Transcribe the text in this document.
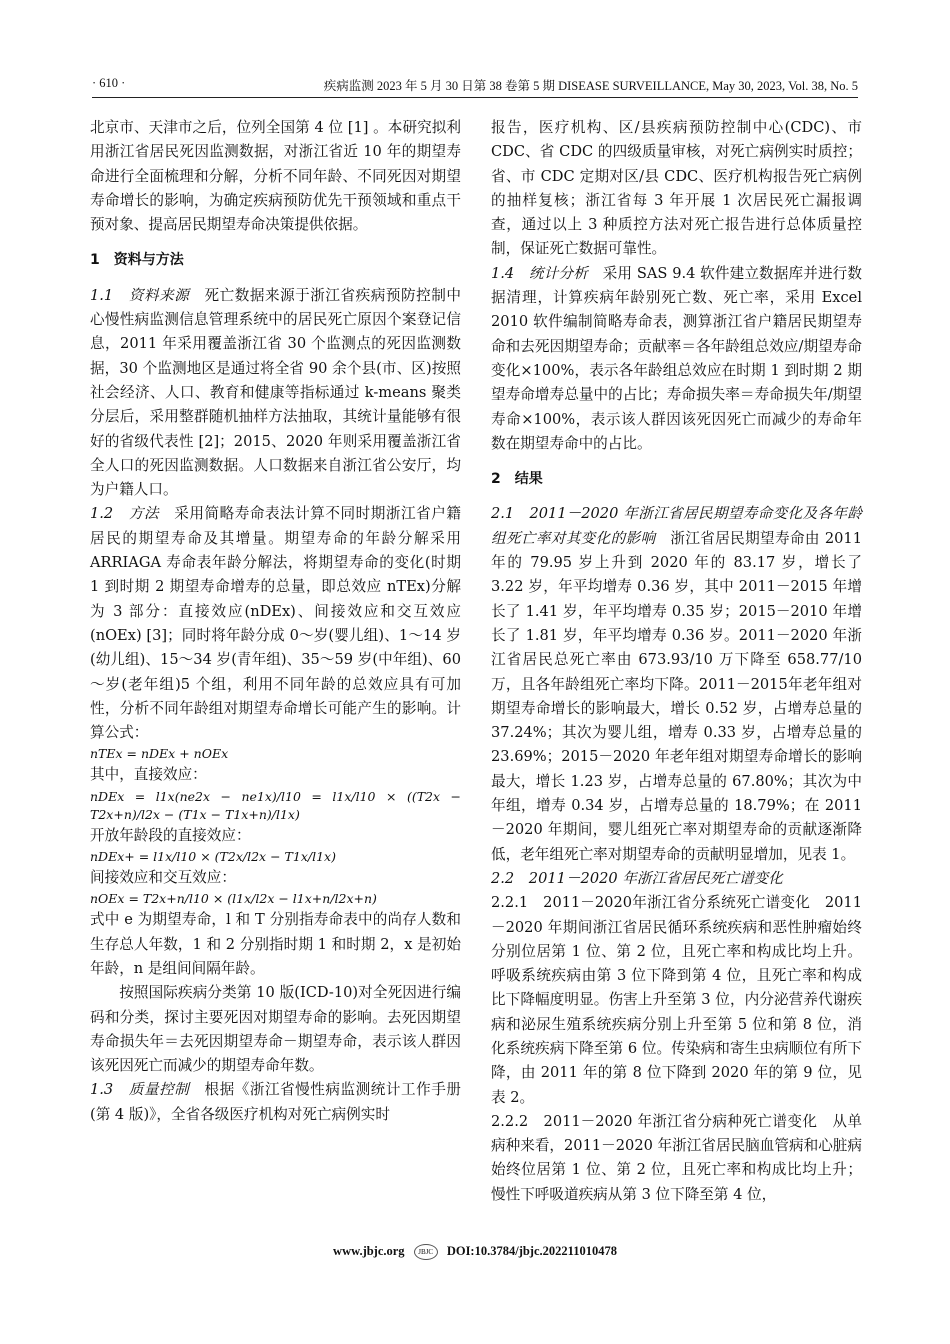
· 610 ·	疾病监测 2023 年 5 月 30 日第 38 卷第 5 期 DISEASE SURVEILLANCE, May 30, 2023, Vol. 38, No. 5

北京市、天津市之后，位列全国第 4 位 [1] 。本研究拟利用浙江省居民死因监测数据，对浙江省近 10 年的期望寿命进行全面梳理和分解，分析不同年龄、不同死因对期望寿命增长的影响，为确定疾病预防优先干预领域和重点干预对象、提高居民期望寿命决策提供依据。

1　资料与方法

1.1　资料来源　 死亡数据来源于浙江省疾病预防控制中心慢性病监测信息管理系统中的居民死亡原因个案登记信息，2011 年采用覆盖浙江省 30 个监测点的死因监测数据，30 个监测地区是通过将全省 90 余个县(市、区)按照社会经济、人口、教育和健康等指标通过 k-means 聚类分层后，采用整群随机抽样方法抽取，其统计量能够有很好的省级代表性 [2]；2015、2020 年则采用覆盖浙江省全人口的死因监测数据。人口数据来自浙江省公安厅，均为户籍人口。

1.2　方法　 采用简略寿命表法计算不同时期浙江省户籍居民的期望寿命及其增量。期望寿命的年龄分解采用 ARRIAGA 寿命表年龄分解法，将期望寿命的变化(时期 1 到时期 2 期望寿命增寿的总量，即总效应 nTEx)分解为 3 部分：直接效应(nDEx)、间接效应和交互效应(nOEx) [3]；同时将年龄分成 0～岁(婴儿组)、1～14 岁(幼儿组)、15～34 岁(青年组)、35～59 岁(中年组)、60～岁(老年组)5 个组，利用不同年龄的总效应具有可加性，分析不同年龄组对期望寿命增长可能产生的影响。计算公式：

nTEx = nDEx + nOEx

其中，直接效应：

nDEx = l1x(ne2x − ne1x)/l10 = l1x/l10 × ((T2x − T2x+n)/l2x − (T1x − T1x+n)/l1x)

开放年龄段的直接效应：

nDEx+ = l1x/l10 × (T2x/l2x − T1x/l1x)

间接效应和交互效应：

nOEx = T2x+n/l10 × (l1x/l2x − l1x+n/l2x+n)

式中 e 为期望寿命，l 和 T 分别指寿命表中的尚存人数和生存总人年数，1 和 2 分别指时期 1 和时期 2，x 是初始年龄，n 是组间间隔年龄。

按照国际疾病分类第 10 版(ICD-10)对全死因进行编码和分类，探讨主要死因对期望寿命的影响。去死因期望寿命损失年＝去死因期望寿命－期望寿命，表示该人群因该死因死亡而减少的期望寿命年数。

1.3　质量控制　 根据《浙江省慢性病监测统计工作手册(第 4 版)》，全省各级医疗机构对死亡病例实时

报告，医疗机构、区/县疾病预防控制中心(CDC)、市 CDC、省 CDC 的四级质量审核，对死亡病例实时质控；省、市 CDC 定期对区/县 CDC、医疗机构报告死亡病例的抽样复核；浙江省每 3 年开展 1 次居民死亡漏报调查，通过以上 3 种质控方法对死亡报告进行总体质量控制，保证死亡数据可靠性。

1.4　统计分析　 采用 SAS 9.4 软件建立数据库并进行数据清理，计算疾病年龄别死亡数、死亡率，采用 Excel 2010 软件编制简略寿命表，测算浙江省户籍居民期望寿命和去死因期望寿命；贡献率＝各年龄组总效应/期望寿命变化×100%，表示各年龄组总效应在时期 1 到时期 2 期望寿命增寿总量中的占比；寿命损失率＝寿命损失年/期望寿命×100%，表示该人群因该死因死亡而减少的寿命年数在期望寿命中的占比。

2　结果

2.1　2011－2020 年浙江省居民期望寿命变化及各年龄组死亡率对其变化的影响　 浙江省居民期望寿命由 2011 年的 79.95 岁上升到 2020 年的 83.17 岁，增长了 3.22 岁，年平均增寿 0.36 岁，其中 2011－2015 年增长了 1.41 岁，年平均增寿 0.35 岁；2015－2010 年增长了 1.81 岁，年平均增寿 0.36 岁。2011－2020 年浙江省居民总死亡率由 673.93/10 万下降至 658.77/10万，且各年龄组死亡率均下降。2011－2015年老年组对期望寿命增长的影响最大，增长 0.52 岁，占增寿总量的 37.24%；其次为婴儿组，增寿 0.33 岁，占增寿总量的 23.69%；2015－2020 年老年组对期望寿命增长的影响最大，增长 1.23 岁，占增寿总量的 67.80%；其次为中年组，增寿 0.34 岁，占增寿总量的 18.79%；在 2011－2020 年期间，婴儿组死亡率对期望寿命的贡献逐渐降低，老年组死亡率对期望寿命的贡献明显增加，见表 1。

2.2　2011－2020 年浙江省居民死亡谱变化

2.2.1　2011－2020年浙江省分系统死亡谱变化　 2011－2020 年期间浙江省居民循环系统疾病和恶性肿瘤始终分别位居第 1 位、第 2 位，且死亡率和构成比均上升。呼吸系统疾病由第 3 位下降到第 4 位，且死亡率和构成比下降幅度明显。伤害上升至第 3 位，内分泌营养代谢疾病和泌尿生殖系统疾病分别上升至第 5 位和第 8 位，消化系统疾病下降至第 6 位。传染病和寄生虫病顺位有所下降，由 2011 年的第 8 位下降到 2020 年的第 9 位，见表 2。

2.2.2　2011－2020 年浙江省分病种死亡谱变化　 从单病种来看，2011－2020 年浙江省居民脑血管病和心脏病始终位居第 1 位、第 2 位，且死亡率和构成比均上升；慢性下呼吸道疾病从第 3 位下降至第 4 位，

www.jbjc.org JBJC DOI:10.3784/jbjc.202211010478
